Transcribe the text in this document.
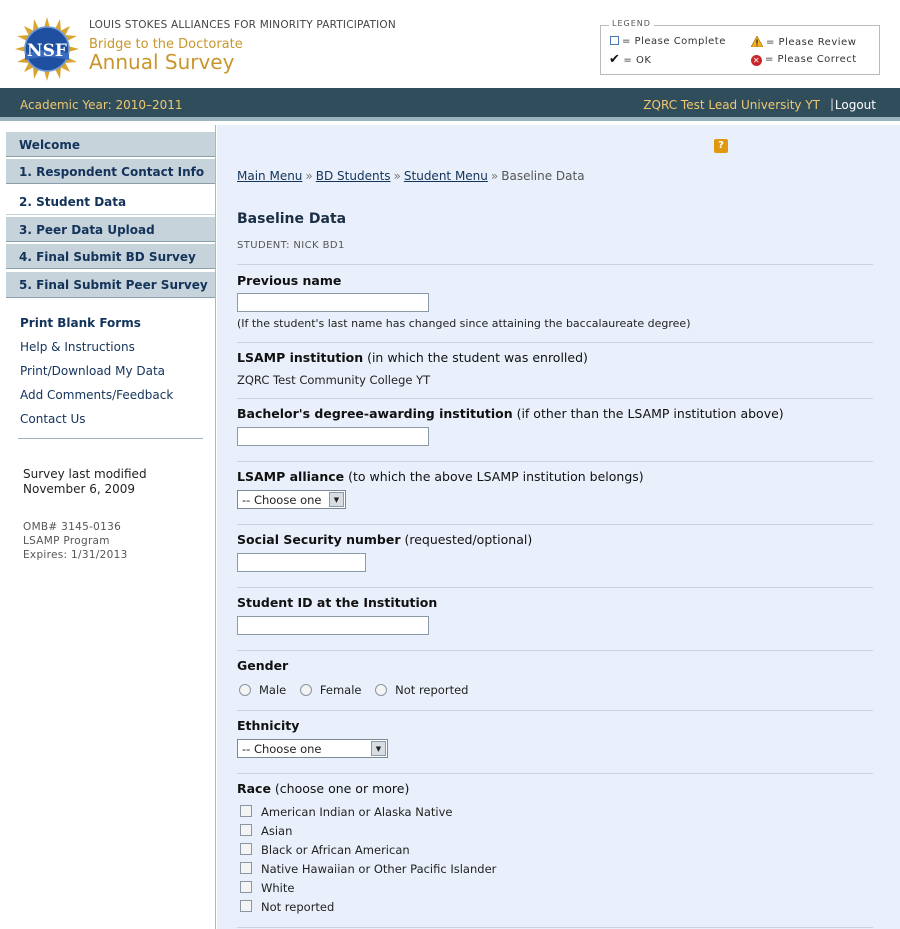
NSF
LOUIS STOKES ALLIANCES FOR MINORITY PARTICIPATION
Bridge to the Doctorate
Annual Survey
LEGEND
= Please Complete	= Please Review
✔ = OK	✕ = Please Correct
Academic Year: 2010–2011	ZQRC Test Lead University YT | Logout
Welcome
1. Respondent Contact Info
2. Student Data
3. Peer Data Upload
4. Final Submit BD Survey
5. Final Submit Peer Survey
Print Blank Forms
Help & Instructions
Print/Download My Data
Add Comments/Feedback
Contact Us
Survey last modified
November 6, 2009
OMB# 3145-0136
LSAMP Program
Expires: 1/31/2013
?
Main Menu » BD Students » Student Menu » Baseline Data
Baseline Data
STUDENT: NICK BD1
Previous name
(If the student's last name has changed since attaining the baccalaureate degree)
LSAMP institution (in which the student was enrolled)
ZQRC Test Community College YT
Bachelor's degree-awarding institution (if other than the LSAMP institution above)
LSAMP alliance (to which the above LSAMP institution belongs)
-- Choose one	▼
Social Security number (requested/optional)
Student ID at the Institution
Gender
Male	Female	Not reported
Ethnicity
-- Choose one	▼
Race (choose one or more)
American Indian or Alaska Native
Asian
Black or African American
Native Hawaiian or Other Pacific Islander
White
Not reported
